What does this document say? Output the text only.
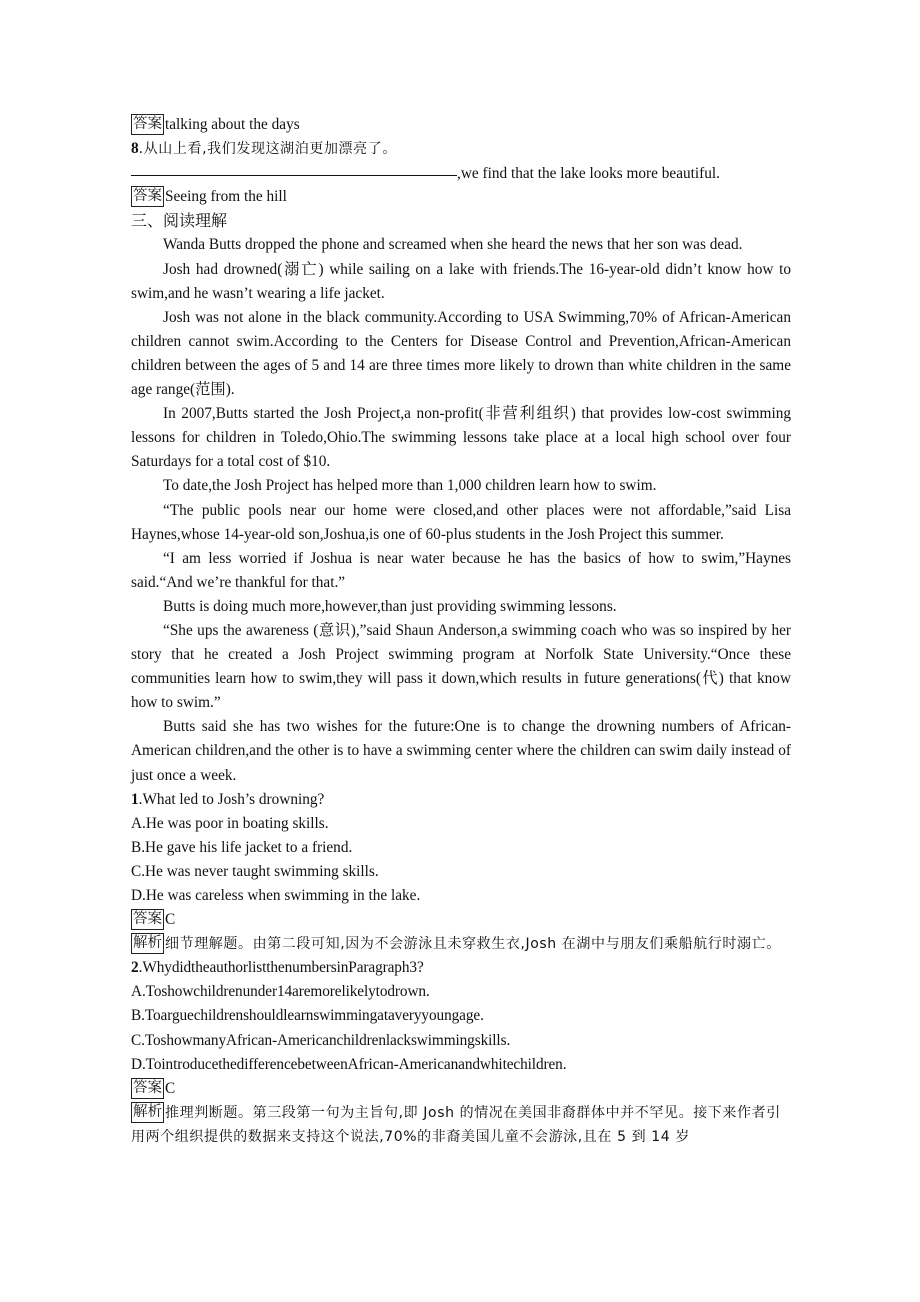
答案 talking about the days
8.从山上看,我们发现这湖泊更加漂亮了。
,we find that the lake looks more beautiful.
答案 Seeing from the hill
三、阅读理解
Wanda Butts dropped the phone and screamed when she heard the news that her son was dead.
Josh had drowned(溺亡) while sailing on a lake with friends.The 16-year-old didn’t know how to swim,and he wasn’t wearing a life jacket.
Josh was not alone in the black community.According to USA Swimming,70% of African-American children cannot swim.According to the Centers for Disease Control and Prevention,African-American children between the ages of 5 and 14 are three times more likely to drown than white children in the same age range(范围).
In 2007,Butts started the Josh Project,a non-profit(非营利组织) that provides low-cost swimming lessons for children in Toledo,Ohio.The swimming lessons take place at a local high school over four Saturdays for a total cost of $10.
To date,the Josh Project has helped more than 1,000 children learn how to swim.
“The public pools near our home were closed,and other places were not affordable,”said Lisa Haynes,whose 14-year-old son,Joshua,is one of 60-plus students in the Josh Project this summer.
“I am less worried if Joshua is near water because he has the basics of how to swim,”Haynes said.“And we’re thankful for that.”
Butts is doing much more,however,than just providing swimming lessons.
“She ups the awareness (意识),”said Shaun Anderson,a swimming coach who was so inspired by her story that he created a Josh Project swimming program at Norfolk State University.“Once these communities learn how to swim,they will pass it down,which results in future generations(代) that know how to swim.”
Butts said she has two wishes for the future:One is to change the drowning numbers of African-American children,and the other is to have a swimming center where the children can swim daily instead of just once a week.
1.What led to Josh’s drowning?
A.He was poor in boating skills.
B.He gave his life jacket to a friend.
C.He was never taught swimming skills.
D.He was careless when swimming in the lake.
答案 C
解析 细节理解题。由第二段可知,因为不会游泳且未穿救生衣,Josh 在湖中与朋友们乘船航行时溺亡。
2.WhydidtheauthorlistthenumbersinParagraph3?
A.Toshowchildrenunder14aremorelikelytodrown.
B.Toarguechildrenshouldlearnswimmingataveryyoungage.
C.ToshowmanyAfrican-Americanchildrenlackswimmingskills.
D.TointroducethedifferencebetweenAfrican-Americanandwhitechildren.
答案 C
解析 推理判断题。第三段第一句为主旨句,即 Josh 的情况在美国非裔群体中并不罕见。接下来作者引用两个组织提供的数据来支持这个说法,70%的非裔美国儿童不会游泳,且在 5 到 14 岁
